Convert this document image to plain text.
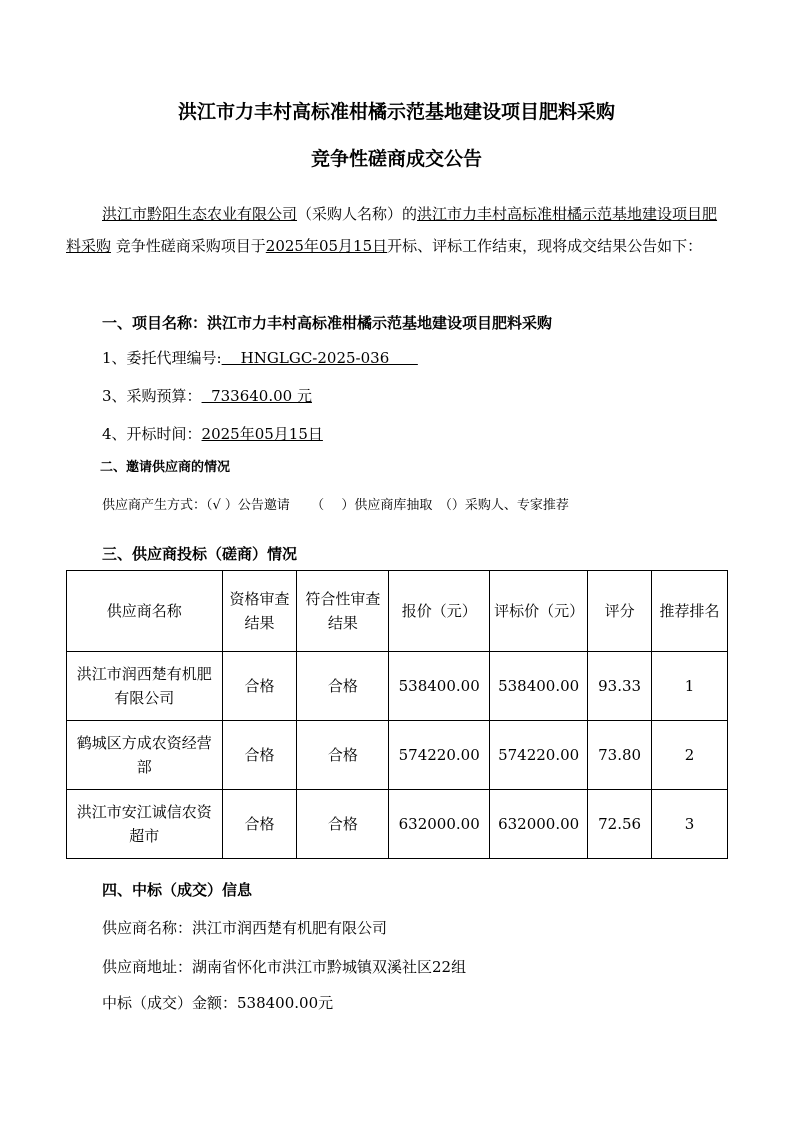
洪江市力丰村高标准柑橘示范基地建设项目肥料采购
竞争性磋商成交公告
洪江市黔阳生态农业有限公司（采购人名称）的洪江市力丰村高标准柑橘示范基地建设项目肥料采购 竞争性磋商采购项目于2025年05月15日开标、评标工作结束，现将成交结果公告如下：
一、项目名称：洪江市力丰村高标准柑橘示范基地建设项目肥料采购
1、委托代理编号:    HNGLGC-2025-036
3、采购预算：  733640.00 元
4、开标时间：2025年05月15日
二、邀请供应商的情况
供应商产生方式：（√ ）公告邀请　  （　 ）供应商库抽取　（）采购人、专家推荐
三、供应商投标（磋商）情况
供应商名称	资格审查结果	符合性审查结果	报价（元）	评标价（元）	评分	推荐排名
洪江市润西楚有机肥有限公司	合格	合格	538400.00	538400.00	93.33	1
鹤城区方成农资经营部	合格	合格	574220.00	574220.00	73.80	2
洪江市安江诚信农资超市	合格	合格	632000.00	632000.00	72.56	3
四、中标（成交）信息
供应商名称：洪江市润西楚有机肥有限公司
供应商地址：湖南省怀化市洪江市黔城镇双溪社区22组
中标（成交）金额：538400.00元
